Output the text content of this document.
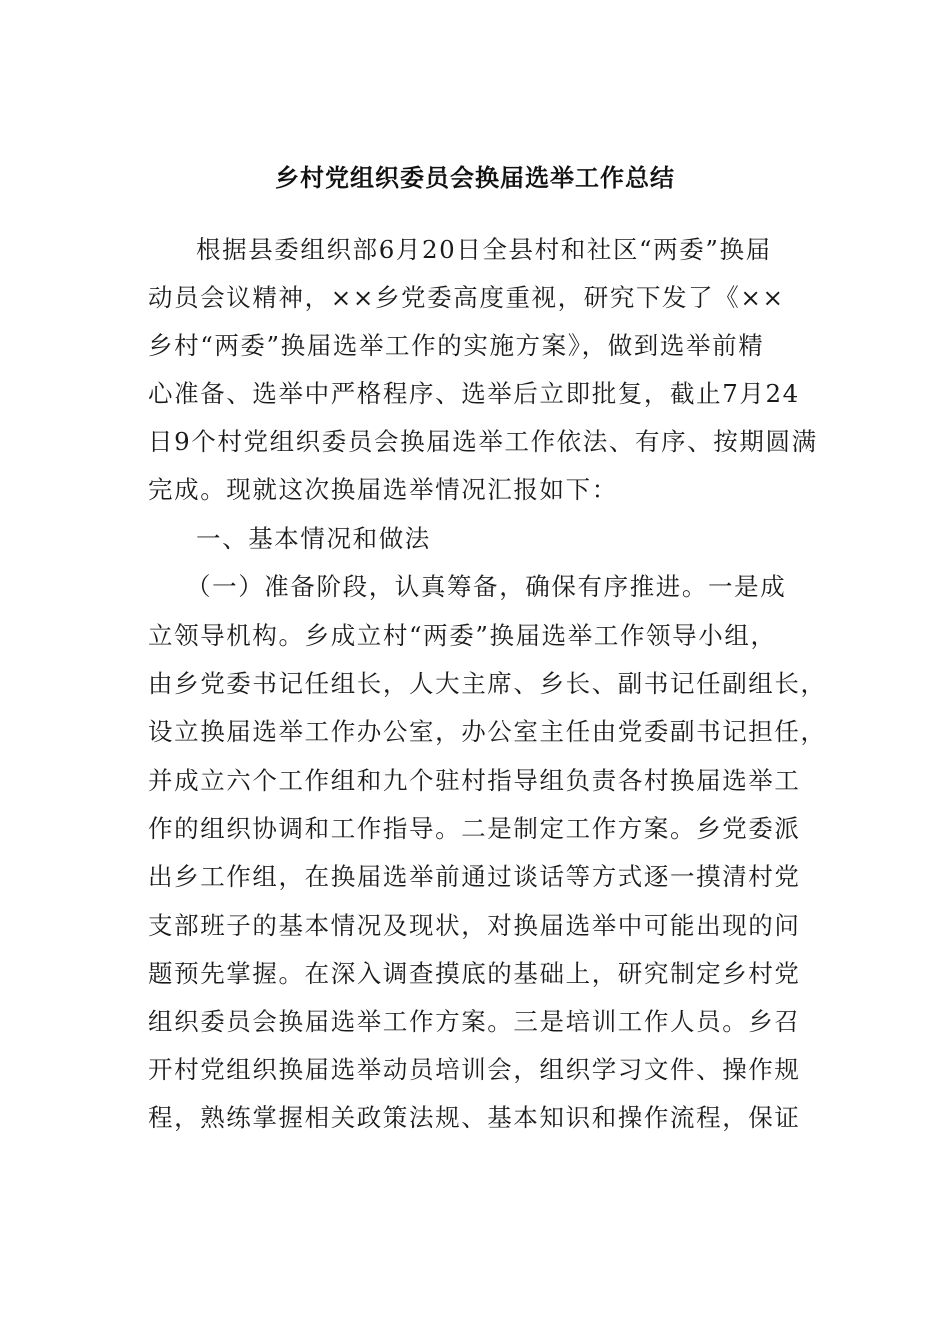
乡村党组织委员会换届选举工作总结
根据县委组织部6月20日全县村和社区“两委”换届
动员会议精神，××乡党委高度重视，研究下发了《××
乡村“两委”换届选举工作的实施方案》，做到选举前精
心准备、选举中严格程序、选举后立即批复，截止7月24
日9个村党组织委员会换届选举工作依法、有序、按期圆满
完成。现就这次换届选举情况汇报如下：
一、基本情况和做法
（一）准备阶段，认真筹备，确保有序推进。一是成
立领导机构。乡成立村“两委”换届选举工作领导小组，
由乡党委书记任组长，人大主席、乡长、副书记任副组长，
设立换届选举工作办公室，办公室主任由党委副书记担任，
并成立六个工作组和九个驻村指导组负责各村换届选举工
作的组织协调和工作指导。二是制定工作方案。乡党委派
出乡工作组，在换届选举前通过谈话等方式逐一摸清村党
支部班子的基本情况及现状，对换届选举中可能出现的问
题预先掌握。在深入调查摸底的基础上，研究制定乡村党
组织委员会换届选举工作方案。三是培训工作人员。乡召
开村党组织换届选举动员培训会，组织学习文件、操作规
程，熟练掌握相关政策法规、基本知识和操作流程，保证
